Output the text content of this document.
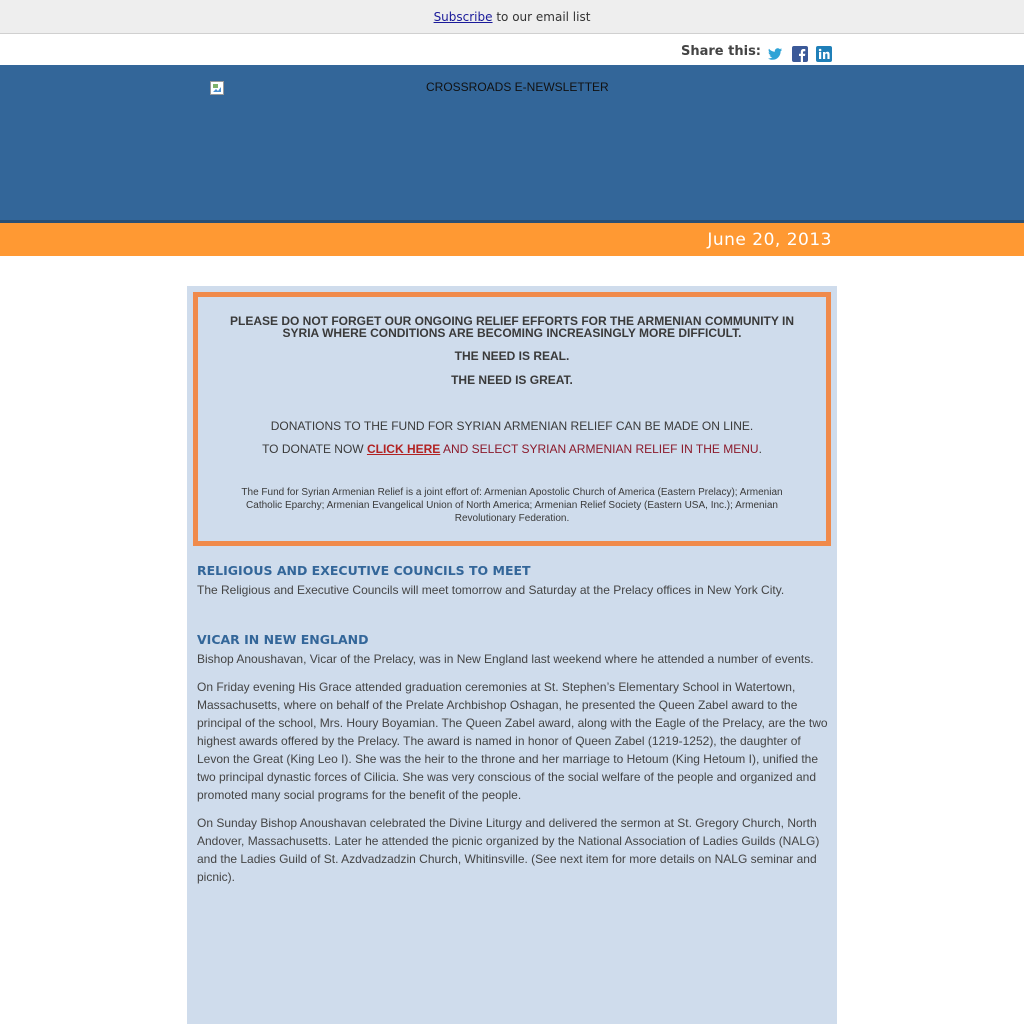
Subscribe to our email list
Share this:
CROSSROADS E-NEWSLETTER
June 20, 2013
PLEASE DO NOT FORGET OUR ONGOING RELIEF EFFORTS FOR THE ARMENIAN COMMUNITY IN SYRIA WHERE CONDITIONS ARE BECOMING INCREASINGLY MORE DIFFICULT.
THE NEED IS REAL.
THE NEED IS GREAT.
DONATIONS TO THE FUND FOR SYRIAN ARMENIAN RELIEF CAN BE MADE ON LINE.
TO DONATE NOW CLICK HERE AND SELECT SYRIAN ARMENIAN RELIEF IN THE MENU.
The Fund for Syrian Armenian Relief is a joint effort of: Armenian Apostolic Church of America (Eastern Prelacy); Armenian Catholic Eparchy; Armenian Evangelical Union of North America; Armenian Relief Society (Eastern USA, Inc.); Armenian Revolutionary Federation.
RELIGIOUS AND EXECUTIVE COUNCILS TO MEET

The Religious and Executive Councils will meet tomorrow and Saturday at the Prelacy offices in New York City.

VICAR IN NEW ENGLAND

Bishop Anoushavan, Vicar of the Prelacy, was in New England last weekend where he attended a number of events.

On Friday evening His Grace attended graduation ceremonies at St. Stephen’s Elementary School in Watertown, Massachusetts, where on behalf of the Prelate Archbishop Oshagan, he presented the Queen Zabel award to the principal of the school, Mrs. Houry Boyamian. The Queen Zabel award, along with the Eagle of the Prelacy, are the two highest awards offered by the Prelacy. The award is named in honor of Queen Zabel (1219-1252), the daughter of Levon the Great (King Leo I). She was the heir to the throne and her marriage to Hetoum (King Hetoum I), unified the two principal dynastic forces of Cilicia. She was very conscious of the social welfare of the people and organized and promoted many social programs for the benefit of the people.

On Sunday Bishop Anoushavan celebrated the Divine Liturgy and delivered the sermon at St. Gregory Church, North Andover, Massachusetts. Later he attended the picnic organized by the National Association of Ladies Guilds (NALG) and the Ladies Guild of St. Azdvadzadzin Church, Whitinsville. (See next item for more details on NALG seminar and picnic).
